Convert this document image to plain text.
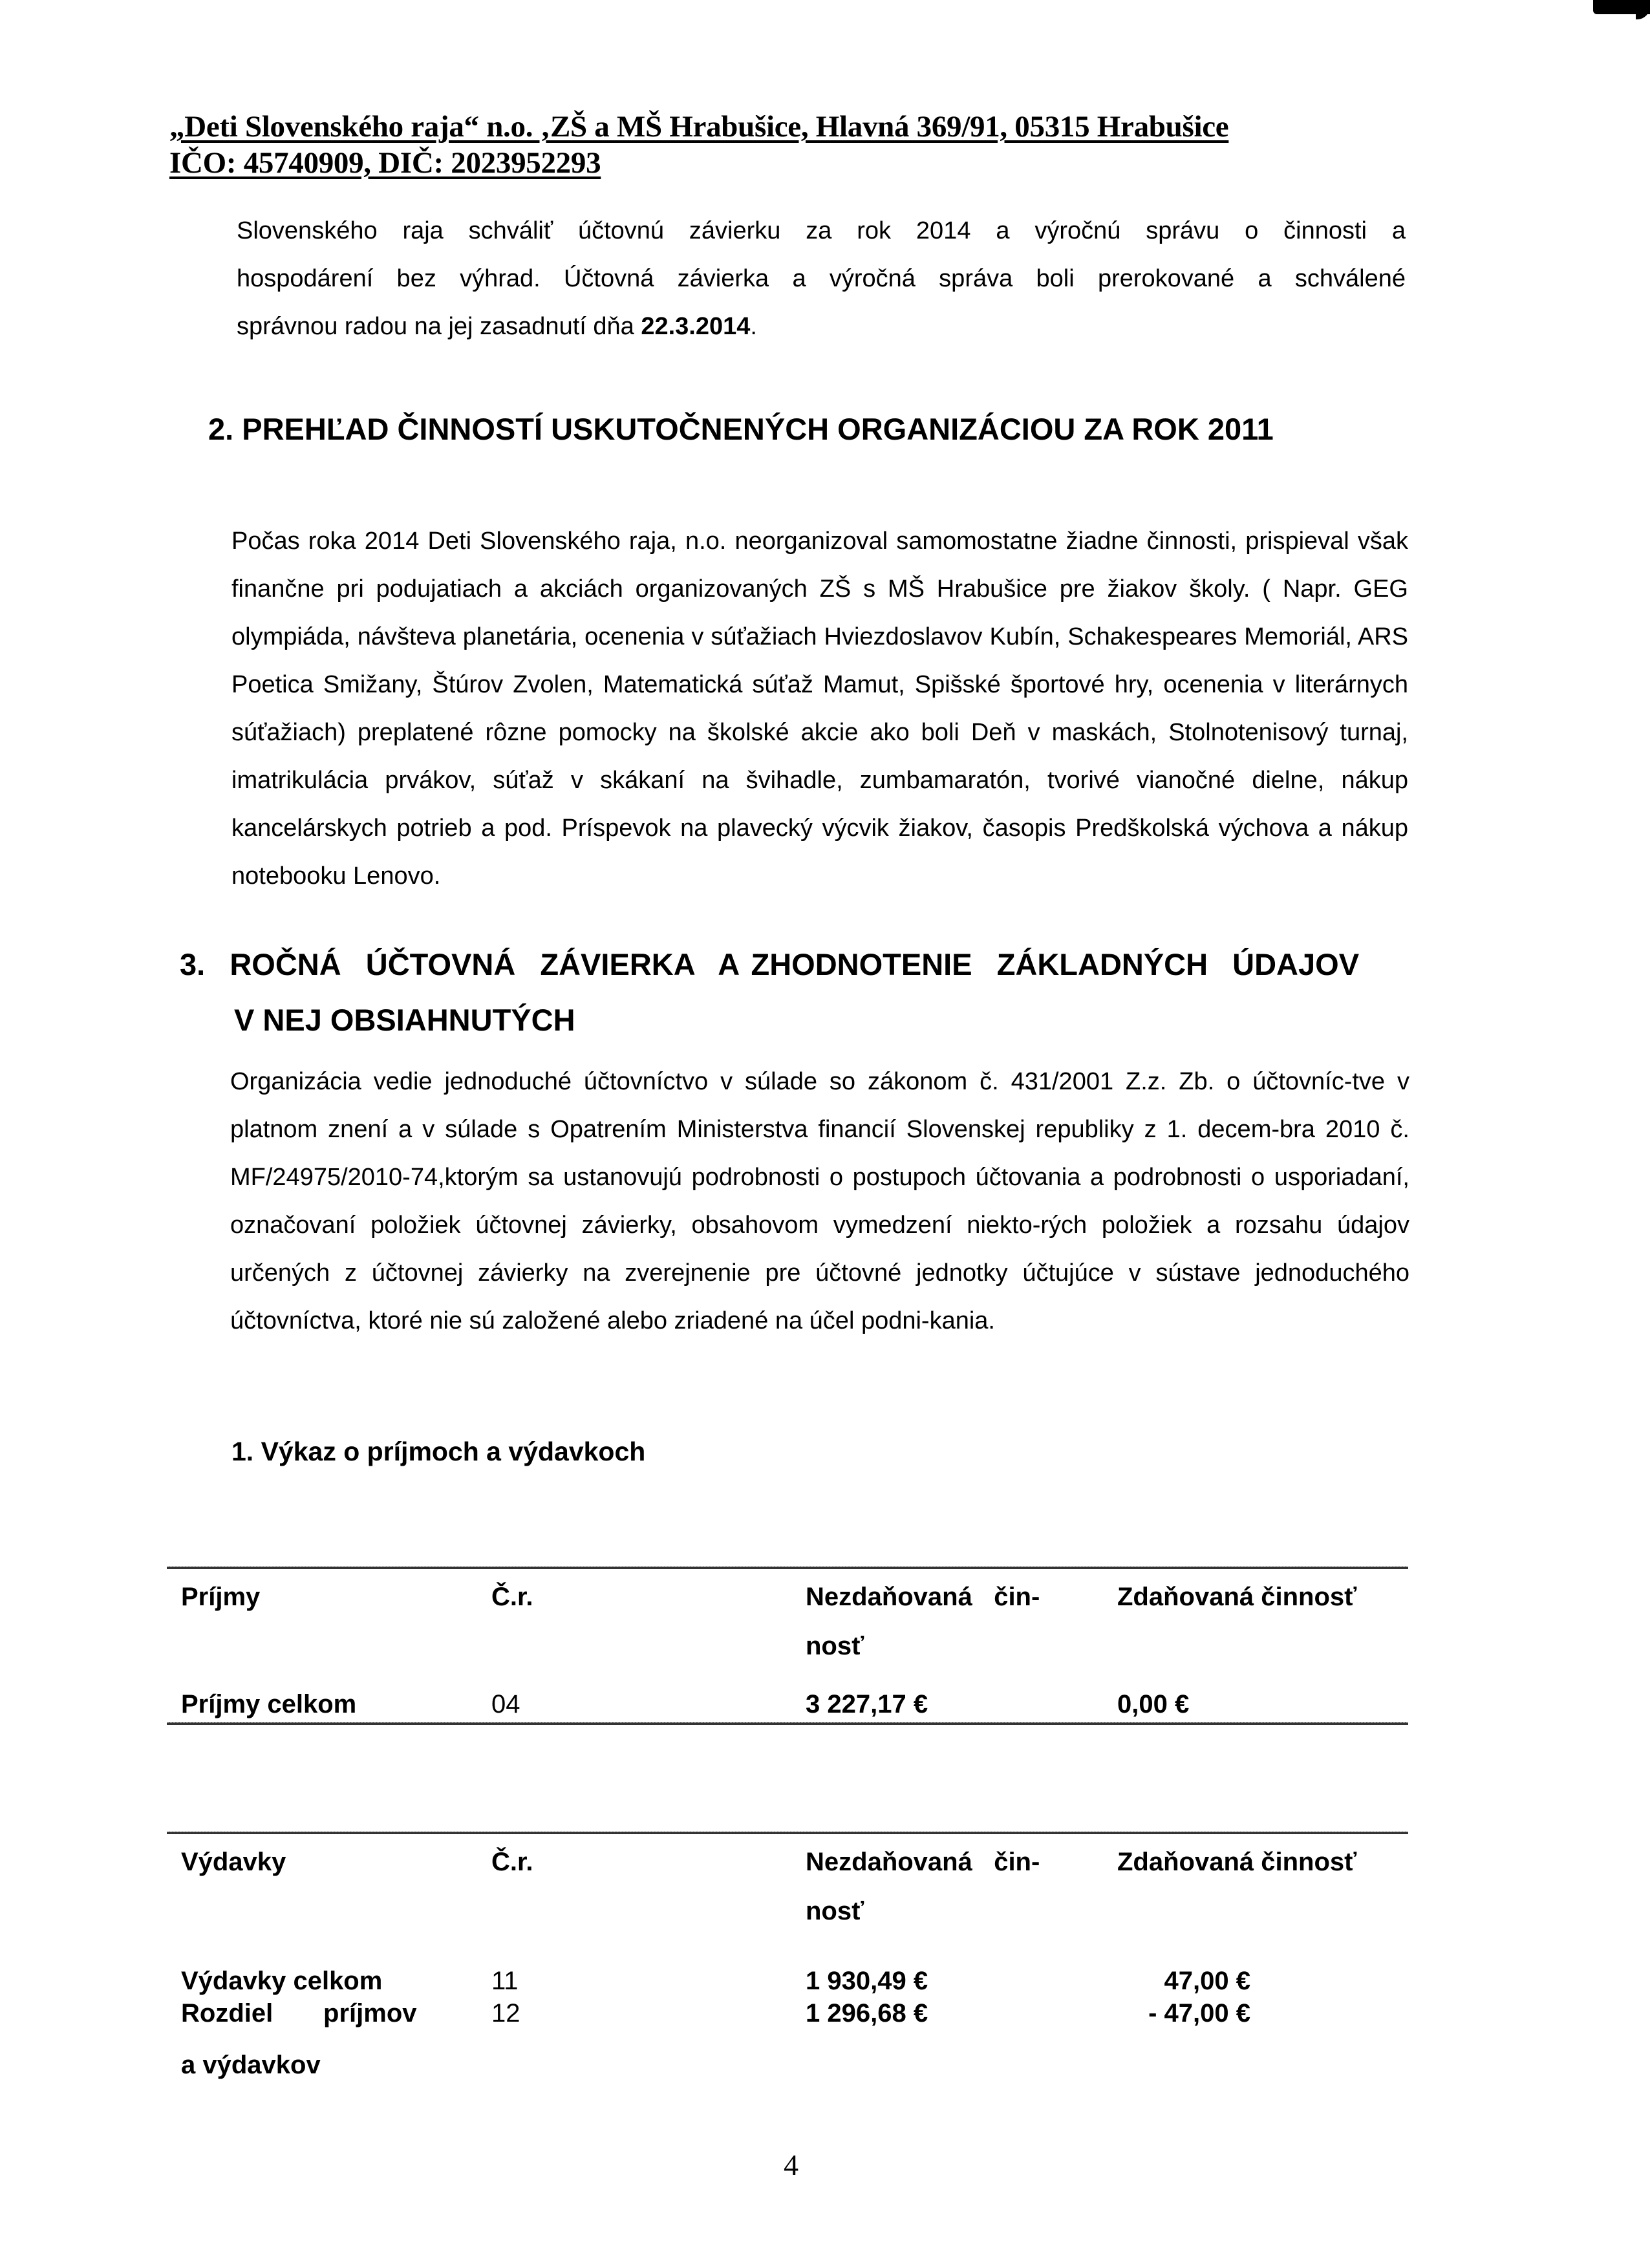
„Deti Slovenského raja“ n.o. ‚ZŠ a MŠ Hrabušice, Hlavná 369/91, 05315 Hrabušice
IČO: 45740909, DIČ: 2023952293
Slovenského raja schváliť účtovnú závierku za rok 2014 a výročnú správu o činnosti a
hospodárení bez výhrad. Účtovná závierka a výročná správa boli prerokované a schválené
správnou radou na jej zasadnutí dňa 22.3.2014.
2. PREHĽAD ČINNOSTÍ USKUTOČNENÝCH ORGANIZÁCIOU ZA ROK 2011
Počas roka 2014 Deti Slovenského raja, n.o. neorganizoval samomostatne žiadne činnosti, prispieval však finančne pri podujatiach a akciách organizovaných ZŠ s MŠ Hrabušice pre žiakov školy. ( Napr. GEG olympiáda, návšteva planetária, ocenenia v súťažiach Hviezdoslavov Kubín, Schakespeares Memoriál, ARS Poetica Smižany, Štúrov Zvolen, Matematická súťaž Mamut, Spišské športové hry, ocenenia v literárnych súťažiach) preplatené rôzne pomocky na školské akcie ako boli Deň v maskách, Stolnotenisový turnaj, imatrikulácia prvákov, súťaž v skákaní na švihadle, zumbamaratón, tvorivé vianočné dielne, nákup kancelárskych potrieb a pod. Príspevok na plavecký výcvik žiakov, časopis Predškolská výchova a nákup notebooku Lenovo.
3.  ROČNÁ  ÚČTOVNÁ  ZÁVIERKA  A ZHODNOTENIE  ZÁKLADNÝCH  ÚDAJOV
V NEJ OBSIAHNUTÝCH
Organizácia vedie jednoduché účtovníctvo v súlade so zákonom č. 431/2001 Z.z. Zb. o účtovníc-tve v platnom znení a v súlade s Opatrením Ministerstva financií Slovenskej republiky z 1. decem-bra 2010 č. MF/24975/2010-74,ktorým sa ustanovujú podrobnosti o postupoch účtovania a podrobnosti o usporiadaní, označovaní položiek účtovnej závierky, obsahovom vymedzení niekto-rých položiek a rozsahu údajov určených z účtovnej závierky na zverejnenie pre účtovné jednotky účtujúce v sústave jednoduchého účtovníctva, ktoré nie sú založené alebo zriadené na účel podni-kania.
1. Výkaz o príjmoch a výdavkoch
Príjmy	Č.r.	Nezdaňovaná   čin-	Zdaňovaná činnosť
nosť
Príjmy celkom	04	3 227,17 €	0,00 €
Výdavky	Č.r.	Nezdaňovaná   čin-	Zdaňovaná činnosť
nosť
Výdavky celkom	11	1 930,49 €	47,00 €
Rozdiel       príjmov	12	1 296,68 €	- 47,00 €
a výdavkov
4
